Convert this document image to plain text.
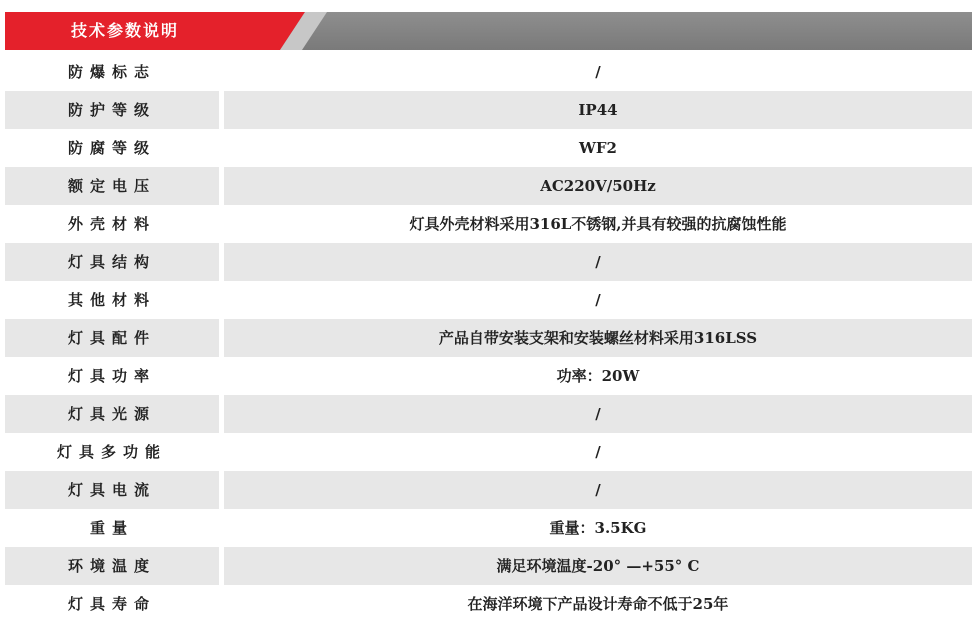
技术参数说明
防爆标志	/
防护等级	IP44
防腐等级	WF2
额定电压	AC220V/50Hz
外壳材料	灯具外壳材料采用316L不锈钢,并具有较强的抗腐蚀性能
灯具结构	/
其他材料	/
灯具配件	产品自带安装支架和安装螺丝材料采用316LSS
灯具功率	功率：20W
灯具光源	/
灯具多功能	/
灯具电流	/
重量	重量：3.5KG
环境温度	满足环境温度-20° —+55° C
灯具寿命	在海洋环境下产品设计寿命不低于25年
